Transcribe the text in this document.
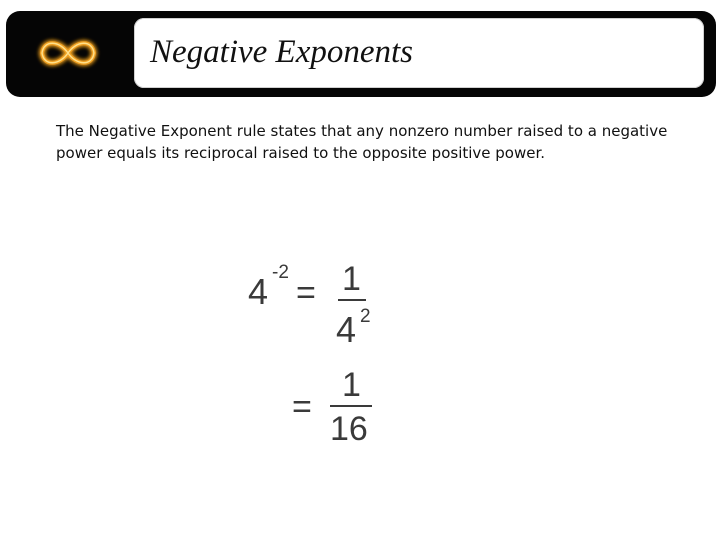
Negative Exponents
The Negative Exponent rule states that any nonzero number raised to a negative power equals its reciprocal raised to the opposite positive power.
4 -2
= 1
4 2
=
1
16
